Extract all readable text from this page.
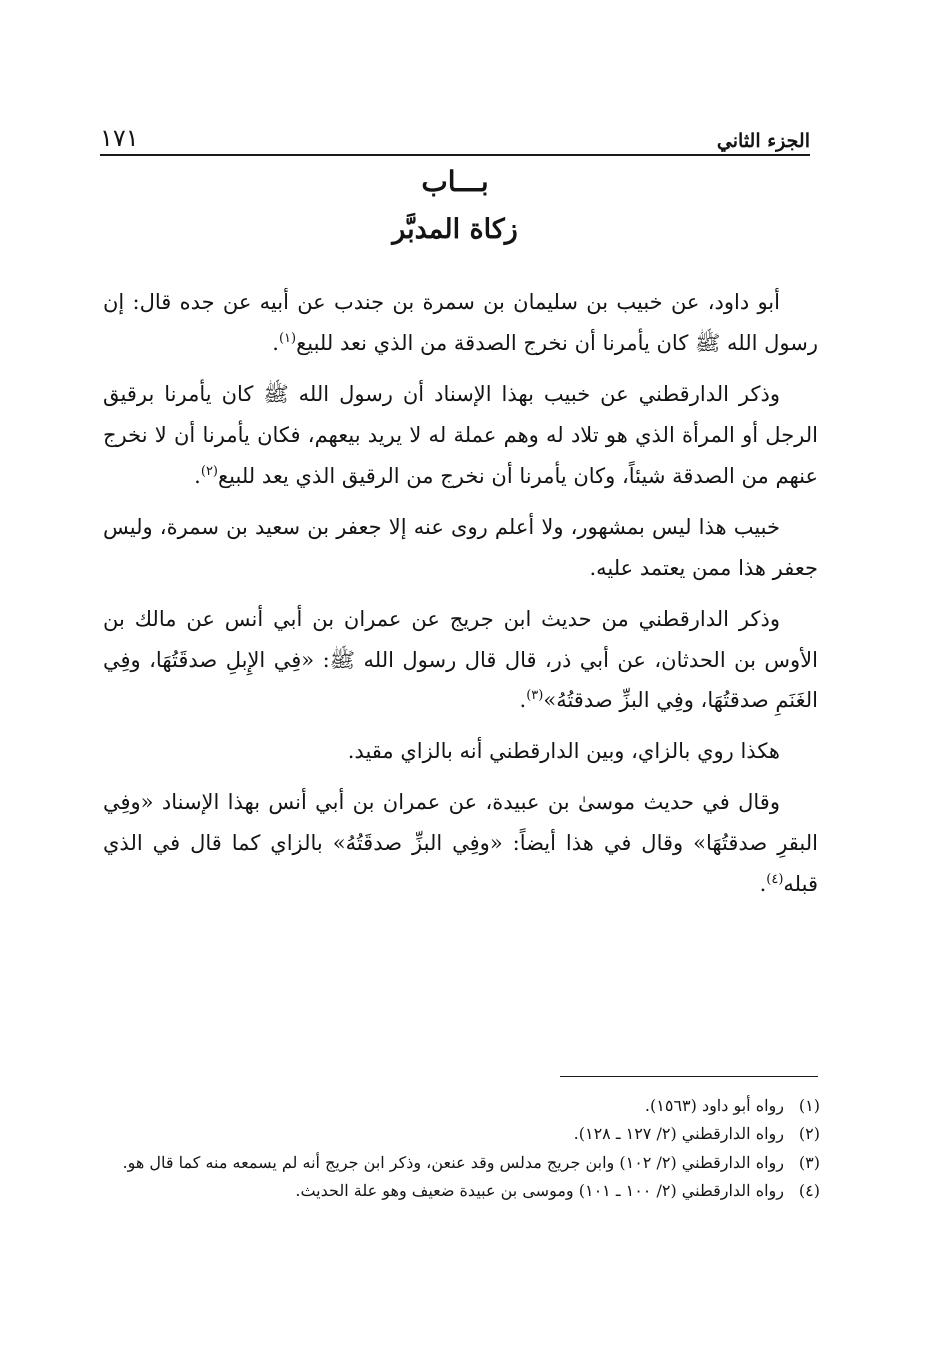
الجزء الثاني
١٧١
بـــاب
زكاة المدبَّر

أبو داود، عن خبيب بن سليمان بن سمرة بن جندب عن أبيه عن جده قال: إن رسول الله ﷺ كان يأمرنا أن نخرج الصدقة من الذي نعد للبيع$^{(١)}$.

وذكر الدارقطني عن خبيب بهذا الإسناد أن رسول الله ﷺ كان يأمرنا برقيق الرجل أو المرأة الذي هو تلاد له وهم عملة له لا يريد بيعهم، فكان يأمرنا أن لا نخرج عنهم من الصدقة شيئاً، وكان يأمرنا أن نخرج من الرقيق الذي يعد للبيع$^{(٢)}$.

خبيب هذا ليس بمشهور، ولا أعلم روى عنه إلا جعفر بن سعيد بن سمرة، وليس جعفر هذا ممن يعتمد عليه.

وذكر الدارقطني من حديث ابن جريج عن عمران بن أبي أنس عن مالك بن الأوس بن الحدثان، عن أبي ذر، قال قال رسول الله ﷺ: «فِي الإِبلِ صدقَتُهَا، وفِي الغَنَمِ صدقتُهَا، وفِي البزِّ صدقتُهُ»$^{(٣)}$.

هكذا روي بالزاي، وبين الدارقطني أنه بالزاي مقيد.

وقال في حديث موسىٰ بن عبيدة، عن عمران بن أبي أنس بهذا الإسناد «وفِي البقرِ صدقتُهَا» وقال في هذا أيضاً: «وفِي البزِّ صدقَتُهُ» بالزاي كما قال في الذي قبله$^{(٤)}$.

(١)رواه أبو داود (١٥٦٣).

(٢)رواه الدارقطني (٢/ ١٢٧ ـ ١٢٨).

(٣)رواه الدارقطني (٢/ ١٠٢) وابن جريج مدلس وقد عنعن، وذكر ابن جريج أنه لم يسمعه منه كما قال هو.

(٤)رواه الدارقطني (٢/ ١٠٠ ـ ١٠١) وموسى بن عبيدة ضعيف وهو علة الحديث.
